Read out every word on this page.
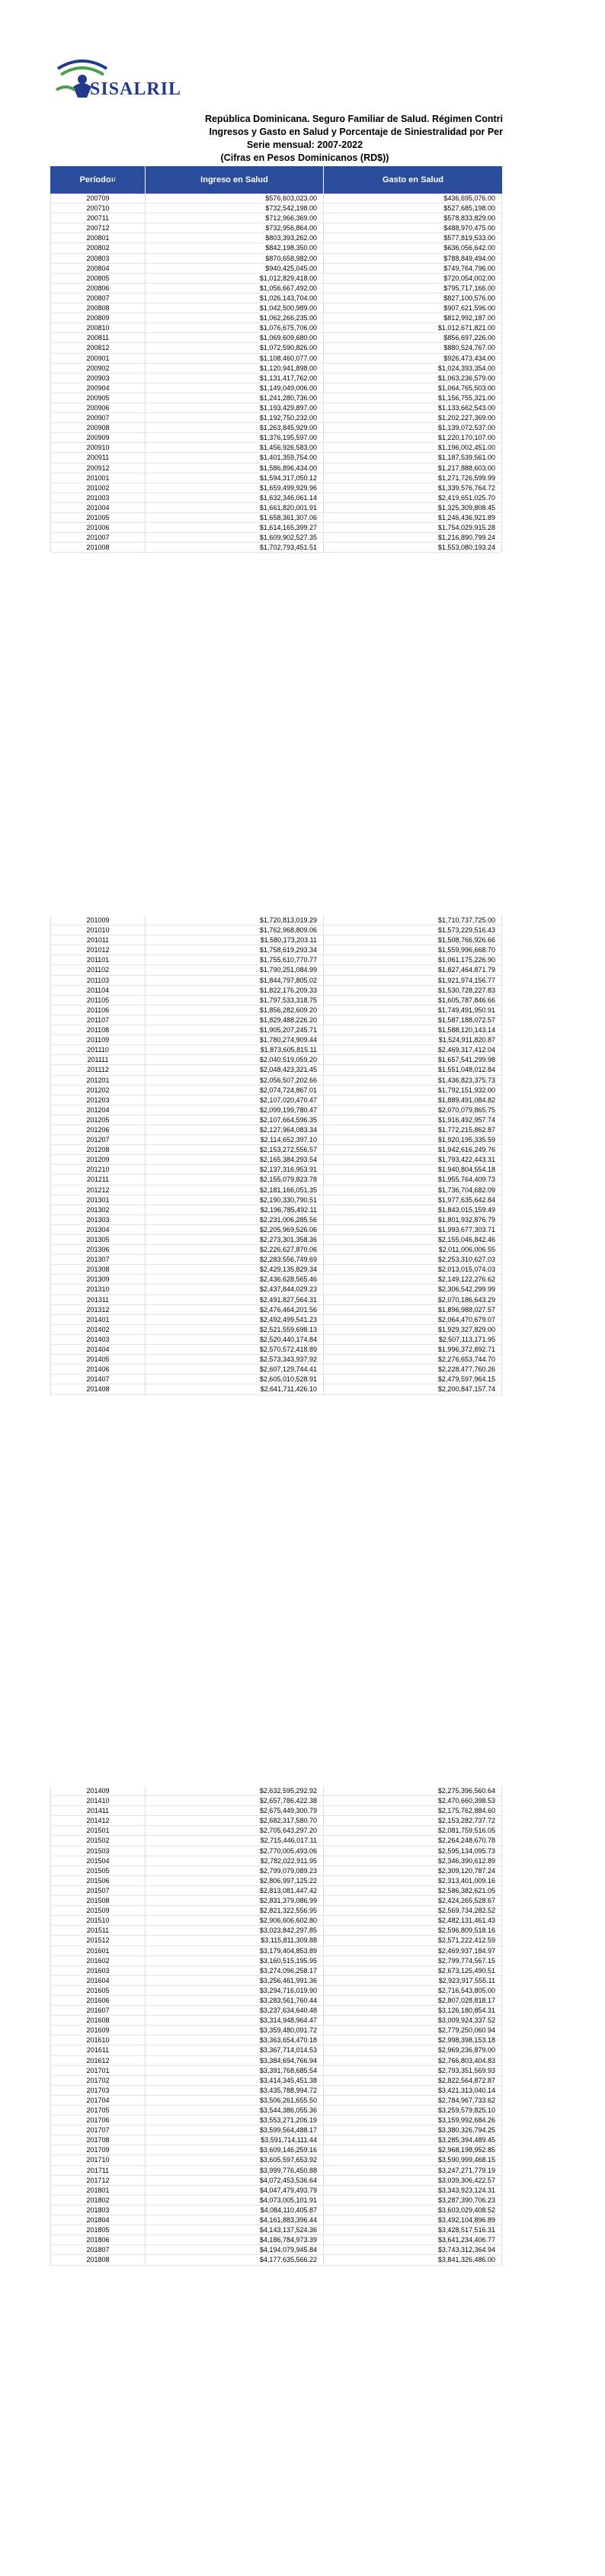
SISALRIL
República Dominicana. Seguro Familiar de Salud. Régimen Contri
Ingresos y Gasto en Salud y Porcentaje de Siniestralidad por Per
Serie mensual: 2007-2022
(Cifras en Pesos Dominicanos (RD$))
Período 1/	Ingreso en Salud	Gasto en Salud
200709	$576,603,023.00	$436,695,076.00
200710	$732,542,198.00	$527,685,198.00
200711	$712,966,369.00	$578,833,829.00
200712	$732,956,864.00	$488,970,475.00
200801	$803,393,262.00	$577,819,533.00
200802	$842,198,350.00	$636,056,642.00
200803	$870,658,982.00	$788,849,494.00
200804	$940,425,045.00	$749,764,796.00
200805	$1,012,829,418.00	$720,054,002.00
200806	$1,056,667,492.00	$795,717,166.00
200807	$1,026,143,704.00	$827,100,576.00
200808	$1,042,500,989.00	$907,621,596.00
200809	$1,062,266,235.00	$812,992,187.00
200810	$1,076,675,706.00	$1,012,671,821.00
200811	$1,069,609,680.00	$856,697,226.00
200812	$1,072,590,826.00	$880,524,767.00
200901	$1,108,460,077.00	$926,473,434.00
200902	$1,120,941,898.00	$1,024,393,354.00
200903	$1,131,417,762.00	$1,063,236,579.00
200904	$1,149,049,006.00	$1,064,765,503.00
200905	$1,241,280,736.00	$1,156,755,321.00
200906	$1,193,429,897.00	$1,133,662,543.00
200907	$1,192,750,232.00	$1,202,227,369.00
200908	$1,263,845,929.00	$1,139,072,537.00
200909	$1,376,195,597.00	$1,220,170,107.00
200910	$1,456,926,583.00	$1,196,002,451.00
200911	$1,401,359,754.00	$1,187,539,561.00
200912	$1,586,896,434.00	$1,217,888,603.00
201001	$1,594,317,050.12	$1,271,726,599.99
201002	$1,659,499,929.96	$1,339,576,764.72
201003	$1,632,346,061.14	$2,419,651,025.70
201004	$1,661,820,001.91	$1,325,309,808.45
201005	$1,658,361,307.06	$1,246,436,921.89
201006	$1,614,165,399.27	$1,754,029,915.28
201007	$1,609,902,527.35	$1,216,890,799.24
201008	$1,702,793,451.51	$1,553,080,193.24
201009	$1,720,813,019.29	$1,710,737,725.00
201010	$1,762,968,809.06	$1,573,229,516.43
201011	$1,580,173,203.11	$1,508,766,926.66
201012	$1,758,619,293.34	$1,559,996,668.70
201101	$1,755,610,770.77	$1,061,175,226.90
201102	$1,790,251,084.99	$1,827,464,871.79
201103	$1,844,797,805.02	$1,921,974,156.77
201104	$1,822,176,209.33	$1,530,728,227.83
201105	$1,797,533,318.75	$1,605,787,846.66
201106	$1,856,282,609.20	$1,749,491,950.91
201107	$1,829,488,226.20	$1,587,188,072.57
201108	$1,905,207,245.71	$1,588,120,143.14
201109	$1,780,274,909.44	$1,524,911,820.87
201110	$1,873,605,815.11	$2,469,317,412.04
201111	$2,040,519,059.20	$1,657,541,299.98
201112	$2,048,423,321.45	$1,551,048,012.84
201201	$2,056,507,202.66	$1,436,823,375.73
201202	$2,074,724,867.01	$1,792,151,932.00
201203	$2,107,020,470.47	$1,889,491,084.82
201204	$2,099,199,780.47	$2,070,079,865.75
201205	$2,107,664,596.35	$1,916,492,957.74
201206	$2,127,964,083.34	$1,772,215,862.87
201207	$2,114,652,397.10	$1,920,195,335.59
201208	$2,153,272,556.57	$1,942,616,249.76
201209	$2,165,384,293.54	$1,793,422,443.31
201210	$2,137,316,953.91	$1,940,804,554.18
201211	$2,155,079,823.78	$1,955,764,409.73
201212	$2,181,166,051.35	$1,736,704,682.09
201301	$2,190,330,790.51	$1,977,635,642.84
201302	$2,196,785,492.11	$1,843,015,159.49
201303	$2,231,006,285.56	$1,801,932,876.79
201304	$2,205,969,526.06	$1,993,677,303.71
201305	$2,273,301,358.36	$2,155,046,842.46
201306	$2,226,627,870.06	$2,011,006,006.55
201307	$2,283,556,749.69	$2,253,310,627.03
201308	$2,429,135,829.34	$2,013,015,074.03
201309	$2,436,628,565.46	$2,149,122,276.62
201310	$2,437,844,029.23	$2,306,542,299.99
201311	$2,491,827,564.31	$2,070,186,643.29
201312	$2,476,464,201.56	$1,896,988,027.57
201401	$2,492,499,541.23	$2,064,470,679.07
201402	$2,521,559,698.13	$1,929,327,829.00
201403	$2,520,440,174.84	$2,507,113,171.95
201404	$2,570,572,418.89	$1,996,372,892.71
201405	$2,573,343,937.92	$2,276,653,744.70
201406	$2,607,129,744.41	$2,228,477,760.26
201407	$2,605,010,528.91	$2,479,597,964.15
201408	$2,641,711,426.10	$2,200,847,157.74
201409	$2,632,595,292.92	$2,275,396,560.64
201410	$2,657,786,422.38	$2,470,660,398.53
201411	$2,675,449,300.79	$2,175,762,884.60
201412	$2,682,317,580.70	$2,153,282,737.72
201501	$2,705,643,297.20	$2,081,759,516.05
201502	$2,715,446,017.11	$2,264,248,670.78
201503	$2,770,005,493.06	$2,595,134,095.73
201504	$2,782,022,911.95	$2,346,390,612.89
201505	$2,799,079,089.23	$2,309,120,787.24
201506	$2,806,997,125.22	$2,313,401,009.16
201507	$2,813,081,447.42	$2,586,382,621.05
201508	$2,831,379,086.99	$2,424,265,528.67
201509	$2,821,322,556.95	$2,569,734,282.52
201510	$2,906,606,602.80	$2,482,131,461.43
201511	$3,023,842,297.85	$2,596,809,518.16
201512	$3,115,811,309.88	$2,571,222,412.59
201601	$3,179,404,853.89	$2,469,937,184.97
201602	$3,160,515,195.95	$2,799,774,567.15
201603	$3,274,096,258.17	$2,673,125,490.51
201604	$3,256,461,991.36	$2,923,917,555.11
201605	$3,294,716,019.90	$2,716,543,805.00
201606	$3,283,561,760.44	$2,807,028,818.17
201607	$3,237,634,640.48	$3,126,180,854.31
201608	$3,314,948,964.47	$3,009,924,337.52
201609	$3,359,480,091.72	$2,779,250,060.94
201610	$3,363,654,470.18	$2,998,398,153.18
201611	$3,367,714,014.53	$2,969,236,879.00
201612	$3,384,694,766.94	$2,766,803,404.83
201701	$3,391,768,685.54	$2,793,351,569.93
201702	$3,414,345,451.38	$2,822,564,872.87
201703	$3,435,788,994.72	$3,421,313,040.14
201704	$3,506,261,655.50	$2,784,967,733.62
201705	$3,544,386,055.36	$3,259,579,825.10
201706	$3,553,271,206.19	$3,159,992,684.26
201707	$3,599,564,488.17	$3,380,326,794.25
201708	$3,591,714,111.44	$3,285,394,489.45
201709	$3,609,146,259.16	$2,968,198,952.85
201710	$3,605,597,653.92	$3,590,999,468.15
201711	$3,999,776,450.88	$3,247,271,779.19
201712	$4,072,453,536.64	$3,039,306,422.57
201801	$4,047,479,493.79	$3,343,923,124.31
201802	$4,073,005,101.91	$3,287,390,706.23
201803	$4,084,110,405.87	$3,603,029,408.52
201804	$4,161,883,396.44	$3,492,104,896.89
201805	$4,143,137,524.36	$3,428,517,516.31
201806	$4,186,784,973.39	$3,641,234,406.77
201807	$4,194,079,945.84	$3,743,312,364.94
201808	$4,177,635,566.22	$3,841,326,486.00
